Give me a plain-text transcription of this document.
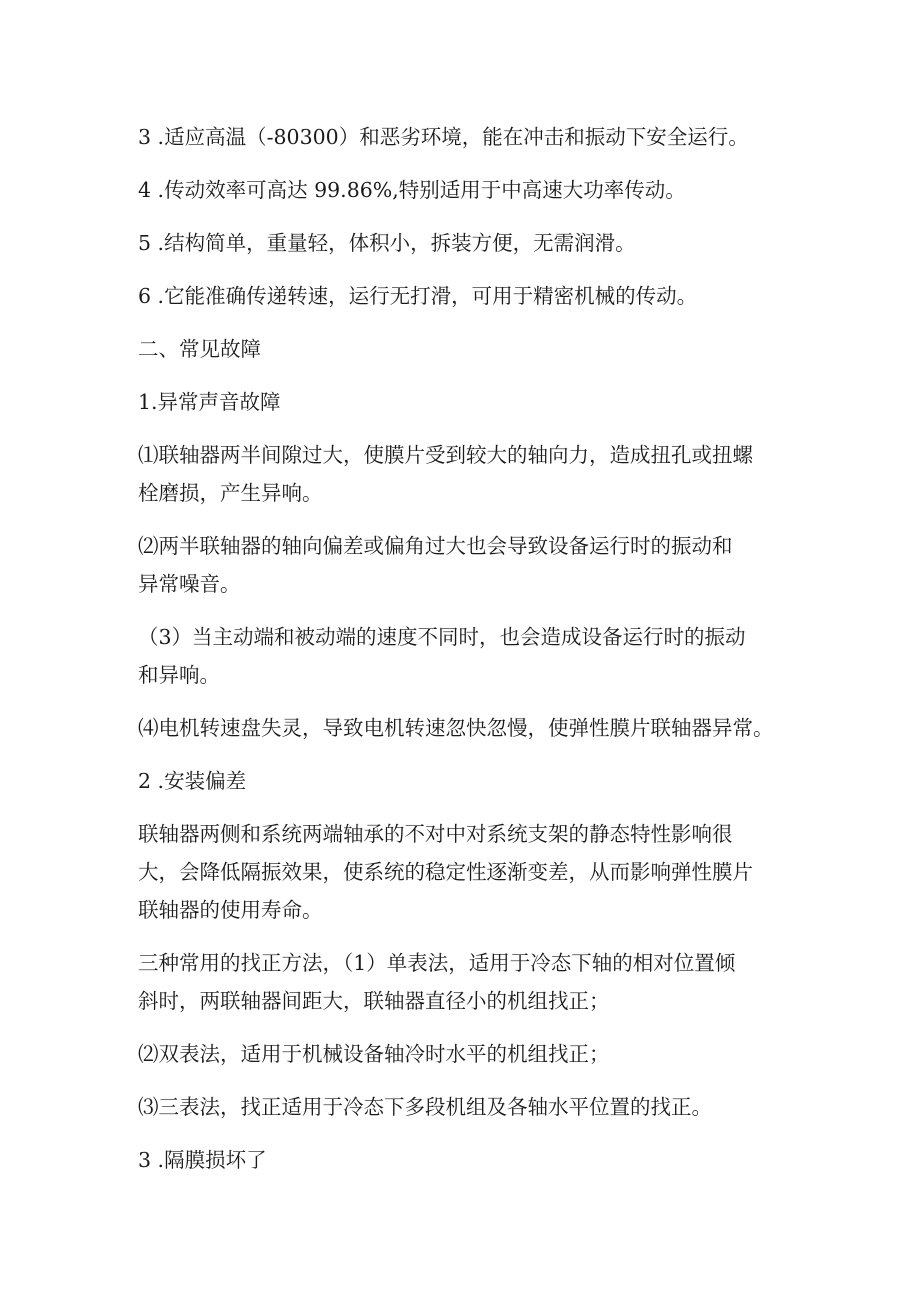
3 .适应高温（-80300）和恶劣环境，能在冲击和振动下安全运行。
4 .传动效率可高达 99.86%,特别适用于中高速大功率传动。
5 .结构简单，重量轻，体积小，拆装方便，无需润滑。
6 .它能准确传递转速，运行无打滑，可用于精密机械的传动。
二、常见故障
1.异常声音故障
⑴联轴器两半间隙过大，使膜片受到较大的轴向力，造成扭孔或扭螺
栓磨损，产生异响。
⑵两半联轴器的轴向偏差或偏角过大也会导致设备运行时的振动和
异常噪音。
（3）当主动端和被动端的速度不同时，也会造成设备运行时的振动
和异响。
⑷电机转速盘失灵，导致电机转速忽快忽慢，使弹性膜片联轴器异常。
2 .安装偏差
联轴器两侧和系统两端轴承的不对中对系统支架的静态特性影响很
大，会降低隔振效果，使系统的稳定性逐渐变差，从而影响弹性膜片
联轴器的使用寿命。
三种常用的找正方法，（1）单表法，适用于冷态下轴的相对位置倾
斜时，两联轴器间距大，联轴器直径小的机组找正；
⑵双表法，适用于机械设备轴冷时水平的机组找正；
⑶三表法，找正适用于冷态下多段机组及各轴水平位置的找正。
3 .隔膜损坏了
